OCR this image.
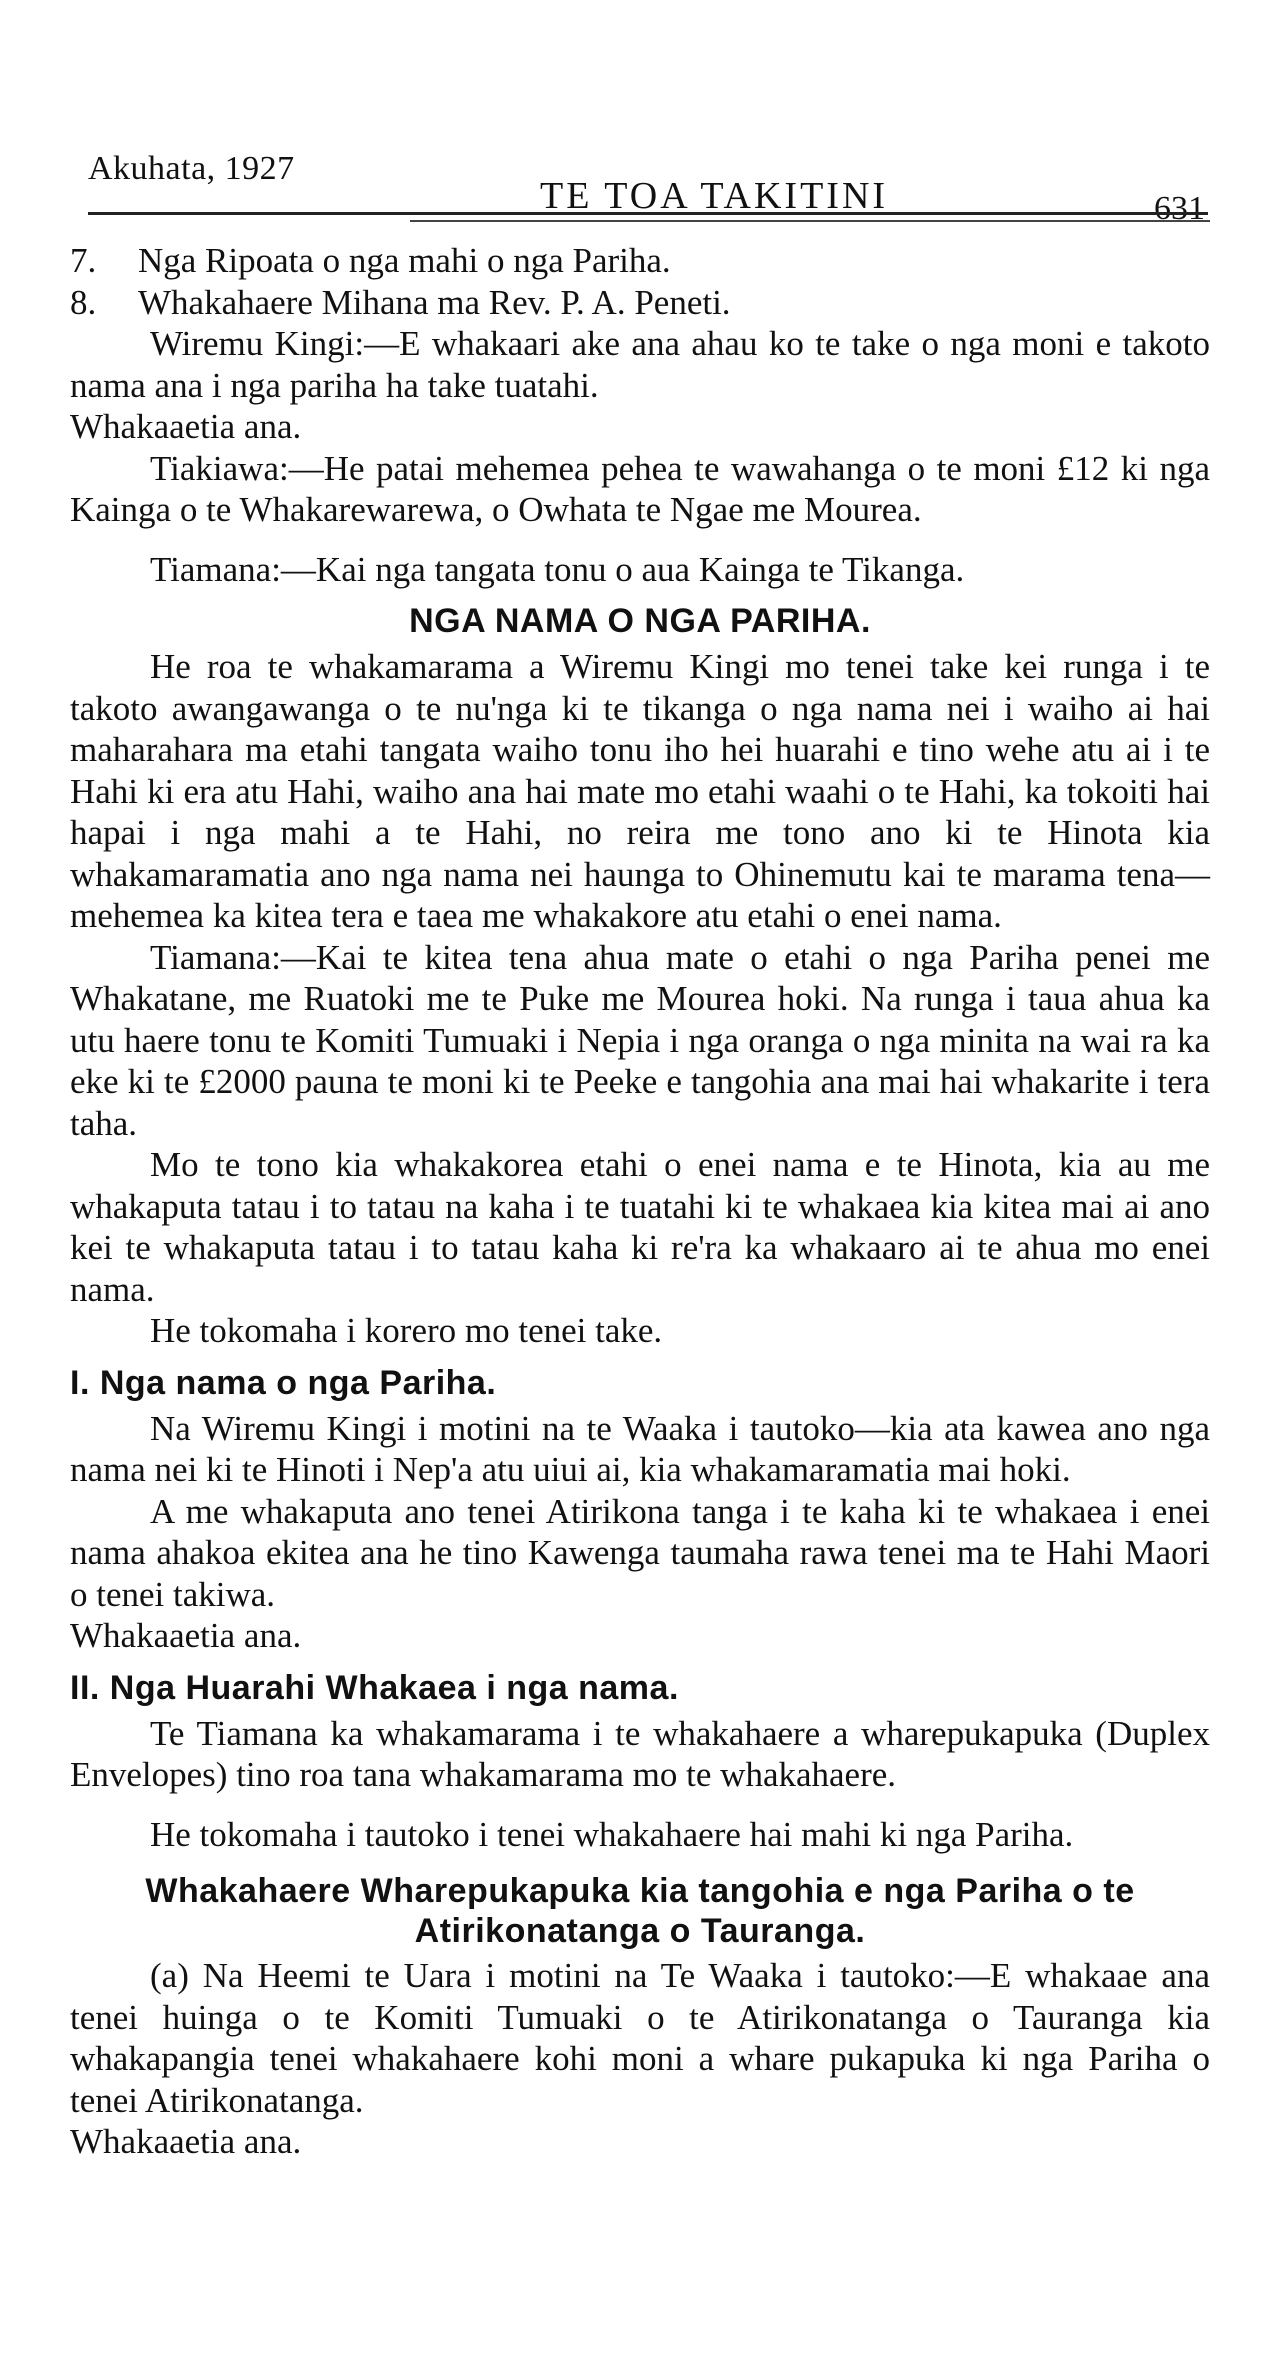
Akuhata, 1927
TE TOA TAKITINI	631

7. Nga Ripoata o nga mahi o nga Pariha.

8. Whakahaere Mihana ma Rev. P. A. Peneti.

Wiremu Kingi:—E whakaari ake ana ahau ko te take o nga moni e takoto nama ana i nga pariha ha take tuatahi.

Whakaaetia ana.

Tiakiawa:—He patai mehemea pehea te wawahanga o te moni £12 ki nga Kainga o te Whakarewarewa, o Owhata te Ngae me Mourea.

Tiamana:—Kai nga tangata tonu o aua Kainga te Tikanga.

NGA NAMA O NGA PARIHA.

He roa te whakamarama a Wiremu Kingi mo tenei take kei runga i te takoto awangawanga o te nu'nga ki te tikanga o nga nama nei i waiho ai hai maharahara ma etahi tangata waiho tonu iho hei huarahi e tino wehe atu ai i te Hahi ki era atu Hahi, waiho ana hai mate mo etahi waahi o te Hahi, ka tokoiti hai hapai i nga mahi a te Hahi, no reira me tono ano ki te Hinota kia whakamaramatia ano nga nama nei haunga to Ohinemutu kai te marama tena—mehemea ka kitea tera e taea me whakakore atu etahi o enei nama.

Tiamana:—Kai te kitea tena ahua mate o etahi o nga Pariha penei me Whakatane, me Ruatoki me te Puke me Mourea hoki. Na runga i taua ahua ka utu haere tonu te Komiti Tumuaki i Nepia i nga oranga o nga minita na wai ra ka eke ki te £2000 pauna te moni ki te Peeke e tangohia ana mai hai whakarite i tera taha.

Mo te tono kia whakakorea etahi o enei nama e te Hinota, kia au me whakaputa tatau i to tatau na kaha i te tuatahi ki te whakaea kia kitea mai ai ano kei te whakaputa tatau i to tatau kaha ki re'ra ka whakaaro ai te ahua mo enei nama.

He tokomaha i korero mo tenei take.

I. Nga nama o nga Pariha.

Na Wiremu Kingi i motini na te Waaka i tautoko—kia ata kawea ano nga nama nei ki te Hinoti i Nep'a atu uiui ai, kia whakamaramatia mai hoki.

A me whakaputa ano tenei Atirikona tanga i te kaha ki te whakaea i enei nama ahakoa ekitea ana he tino Kawenga taumaha rawa tenei ma te Hahi Maori o tenei takiwa.

Whakaaetia ana.

II. Nga Huarahi Whakaea i nga nama.

Te Tiamana ka whakamarama i te whakahaere a wharepukapuka (Duplex Envelopes) tino roa tana whakamarama mo te whakahaere.

He tokomaha i tautoko i tenei whakahaere hai mahi ki nga Pariha.

Whakahaere Wharepukapuka kia tangohia e nga Pariha o te
Atirikonatanga o Tauranga.

(a) Na Heemi te Uara i motini na Te Waaka i tautoko:—E whakaae ana tenei huinga o te Komiti Tumuaki o te Atirikonatanga o Tauranga kia whakapangia tenei whakahaere kohi moni a whare pukapuka ki nga Pariha o tenei Atirikonatanga.

Whakaaetia ana.
